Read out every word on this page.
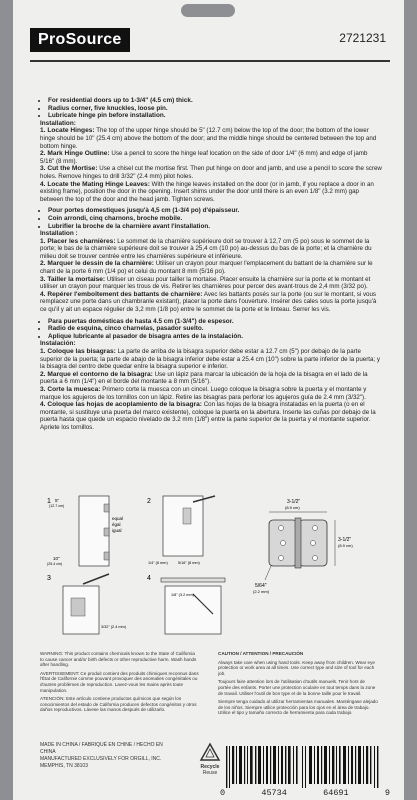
ProSource	2721231
• For residential doors up to 1-3/4" (4.5 cm) thick.
• Radius corner, five knuckles, loose pin.
• Lubricate hinge pin before installation.
Installation:
1. Locate Hinges: The top of the upper hinge should be 5" (12.7 cm) below the top of the door; the bottom of the lower hinge should be 10" (25.4 cm) above the bottom of the door; and the middle hinge should be centered between the top and bottom hinge.
2. Mark Hinge Outline: Use a pencil to score the hinge leaf location on the side of door 1/4" (6 mm) and edge of jamb 5/16" (8 mm).
3. Cut the Mortise: Use a chisel cut the mortise first. Then put hinge on door and jamb, and use a pencil to score the screw holes. Remove hinges to drill 3/32" (2.4 mm) pilot holes.
4. Locate the Mating Hinge Leaves: With the hinge leaves installed on the door (or in jamb, if you replace a door in an existing frame), position the door in the opening. Insert shims under the door until there is an even 1/8" (3.2 mm) gap between the top of the door and the head jamb. Tighten screws.
• Pour portes domestiques jusqu'à 4,5 cm (1-3/4 po) d'épaisseur.
• Coin arrondi, cinq charnons, broche mobile.
• Lubrifier la broche de la charnière avant l'installation.
Installation :
1. Placer les charnières: Le sommet de la charnière supérieure doit se trouver à 12,7 cm (5 po) sous le sommet de la porte; le bas de la charnière supérieure doit se trouver à 25,4 cm (10 po) au-dessus du bas de la porte; et la charnière du milieu doit se trouver centrée entre les charnières supérieure et inférieure.
2. Marquer le dessin de la charnière: Utiliser un crayon pour marquer l'emplacement du battant de la charnière sur le chant de la porte 6 mm (1/4 po) et celui du montant 8 mm (5/16 po).
3. Tailler la mortaise: Utiliser un ciseau pour tailler la mortaise. Placer ensuite la charnière sur la porte et le montant et utiliser un crayon pour marquer les trous de vis. Retirer les charnières pour percer des avant-trous de 2,4 mm (3/32 po).
4. Repérer l'emboîtement des battants de charnière: Avec les battants posés sur la porte (ou sur le montant, si vous remplacez une porte dans un chambranle existant), placer la porte dans l'ouverture. Insérer des cales sous la porte jusqu'à ce qu'il y ait un espace régulier de 3,2 mm (1/8 po) entre le sommet de la porte et le linteau. Serrer les vis.
• Para puertas domésticas de hasta 4.5 cm (1-3/4") de espesor.
• Radio de esquina, cinco charnelas, pasador suelto.
• Aplique lubricante al pasador de bisagra antes de la instalación.
Instalación:
1. Coloque las bisagras: La parte de arriba de la bisagra superior debe estar a 12.7 cm (5") por debajo de la parte superior de la puerta; la parte de abajo de la bisagra inferior debe estar a 25.4 cm (10") sobre la parte inferior de la puerta; y la bisagra del centro debe quedar entre la bisagra superior e inferior.
2. Marque el contorno de la bisagra: Use un lápiz para marcar la ubicación de la hoja de la bisagra en el lado de la puerta a 6 mm (1/4") en el borde del montante a 8 mm (5/16").
3. Corte la muesca: Primero corte la muesca con un cincel. Luego coloque la bisagra sobre la puerta y el montante y marque los agujeros de los tornillos con un lápiz. Retire las bisagras para perforar los agujeros guía de 2.4 mm (3/32").
4. Coloque las hojas de acoplamiento de la bisagra: Con las hojas de la bisagra instaladas en la puerta (o en el montante, si sustituye una puerta del marco existente), coloque la puerta en la abertura. Inserte las cuñas por debajo de la puerta hasta que quede un espacio nivelado de 3.2 mm (1/8") entre la parte superior de la puerta y el montante superior. Apriete los tornillos.
1 5"
(12.7 cm)
equal
égal
igual
10"
(25.4 cm)
2
1/4" (6 mm)	5/16" (8 mm)
3
3/32" (2.4 mm)
4
1/8" (3.2 mm)
3-1/2"
(8.9 cm)
3-1/2"
(8.9 cm)
5/64"
(2.2 mm)

WARNING: This product contains chemicals known to the State of California to cause cancer and/or birth defects or other reproductive harm. Wash hands after handling.

AVERTISSEMENT: Ce produit contient des produits chimiques reconnus dans l'État de Californie comme pouvant provoquer des anomalies congénitales ou d'autres problèmes de reproduction. Lavez-vous les mains après toute manipulation.

ATENCIÓN: Este artículo contiene productos químicos que según los conocimientos del estado de California producen defectos congénitos y otros daños reproductivos. Lávese las manos después de utilizarlo.

CAUTION / ATTENTION / PRECAUCIÓN

Always take care when using hand tools. Keep away from children. Wear eye protection or work area at all times. Use correct type and size of tool for each job.

Toujours faire attention lors de l'utilisation d'outils manuels. Tenir hors de portée des enfants. Porter une protection oculaire en tout temps dans la zone de travail. Utiliser l'outil de bon type et de la bonne taille pour le travail.

Siempre tenga cuidado al utilizar herramientas manuales. Manténgase alejado de los niños. Siempre utilice protección para los ojos en el área de trabajo. Utilice el tipo y tamaño correcto de herramienta para cada trabajo.

MADE IN CHINA / FABRIQUÉ EN CHINE / HECHO EN CHINA
MANUFACTURED EXCLUSIVELY FOR ORGILL, INC.
MEMPHIS, TN 38103	Recycle
Reuse
0	45734	64691	9
